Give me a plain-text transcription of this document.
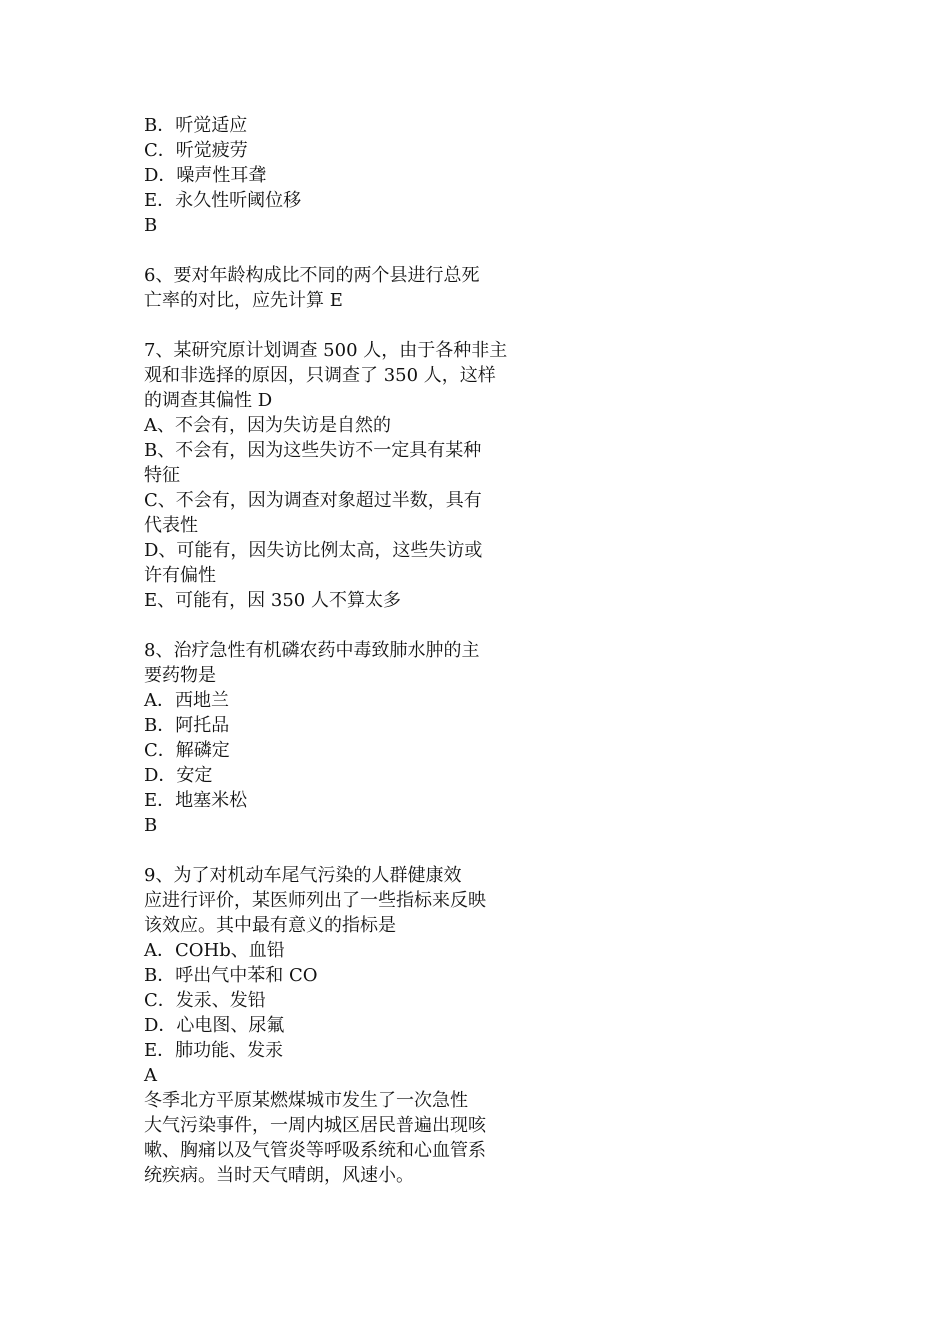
B．听觉适应
C．听觉疲劳
D．噪声性耳聋
E．永久性听阈位移
B
6、要对年龄构成比不同的两个县进行总死
亡率的对比，应先计算 E
7、某研究原计划调查 500 人，由于各种非主
观和非选择的原因，只调查了 350 人，这样
的调查其偏性 D
A、不会有，因为失访是自然的
B、不会有，因为这些失访不一定具有某种
特征
C、不会有，因为调查对象超过半数，具有
代表性
D、可能有，因失访比例太高，这些失访或
许有偏性
E、可能有，因 350 人不算太多
8、治疗急性有机磷农药中毒致肺水肿的主
要药物是
A．西地兰
B．阿托品
C．解磷定
D．安定
E．地塞米松
B
9、为了对机动车尾气污染的人群健康效
应进行评价，某医师列出了一些指标来反映
该效应。其中最有意义的指标是
A．COHb、血铅
B．呼出气中苯和 CO
C．发汞、发铅
D．心电图、尿氟
E．肺功能、发汞
A
冬季北方平原某燃煤城市发生了一次急性
大气污染事件，一周内城区居民普遍出现咳
嗽、胸痛以及气管炎等呼吸系统和心血管系
统疾病。当时天气晴朗，风速小。
